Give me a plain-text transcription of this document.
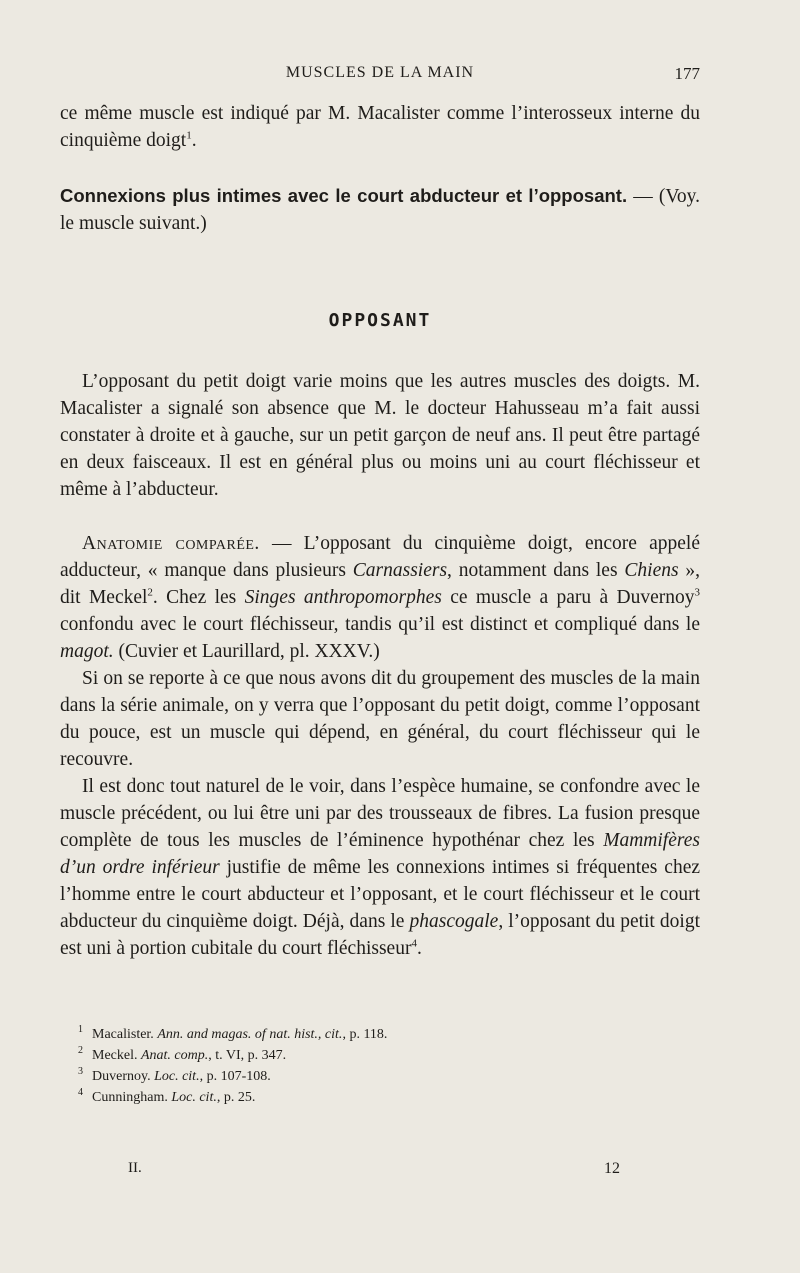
MUSCLES DE LA MAIN	177

ce même muscle est indiqué par M. Macalister comme l’interosseux interne du cinquième doigt$^1$.

Connexions plus intimes avec le court abducteur et l’opposant. — (Voy. le muscle suivant.)

OPPOSANT

L’opposant du petit doigt varie moins que les autres muscles des doigts. M. Macalister a signalé son absence que M. le docteur Hahusseau m’a fait aussi constater à droite et à gauche, sur un petit garçon de neuf ans. Il peut être partagé en deux faisceaux. Il est en général plus ou moins uni au court fléchisseur et même à l’abducteur.

Anatomie comparée. — L’opposant du cinquième doigt, encore appelé adducteur, « manque dans plusieurs Carnassiers, notamment dans les Chiens », dit Meckel$^2$. Chez les Singes anthropomorphes ce muscle a paru à Duvernoy$^3$ confondu avec le court fléchisseur, tandis qu’il est distinct et compliqué dans le magot. (Cuvier et Laurillard, pl. XXXV.)

Si on se reporte à ce que nous avons dit du groupement des muscles de la main dans la série animale, on y verra que l’opposant du petit doigt, comme l’opposant du pouce, est un muscle qui dépend, en général, du court fléchisseur qui le recouvre.

Il est donc tout naturel de le voir, dans l’espèce humaine, se confondre avec le muscle précédent, ou lui être uni par des trousseaux de fibres. La fusion presque complète de tous les muscles de l’éminence hypothénar chez les Mammifères d’un ordre inférieur justifie de même les connexions intimes si fréquentes chez l’homme entre le court abducteur et l’opposant, et le court fléchisseur et le court abducteur du cinquième doigt. Déjà, dans le phascogale, l’opposant du petit doigt est uni à portion cubitale du court fléchisseur$^4$.

1 Macalister. Ann. and magas. of nat. hist., cit., p. 118.

2 Meckel. Anat. comp., t. VI, p. 347.

3 Duvernoy. Loc. cit., p. 107-108.

4 Cunningham. Loc. cit., p. 25.

II.	12
